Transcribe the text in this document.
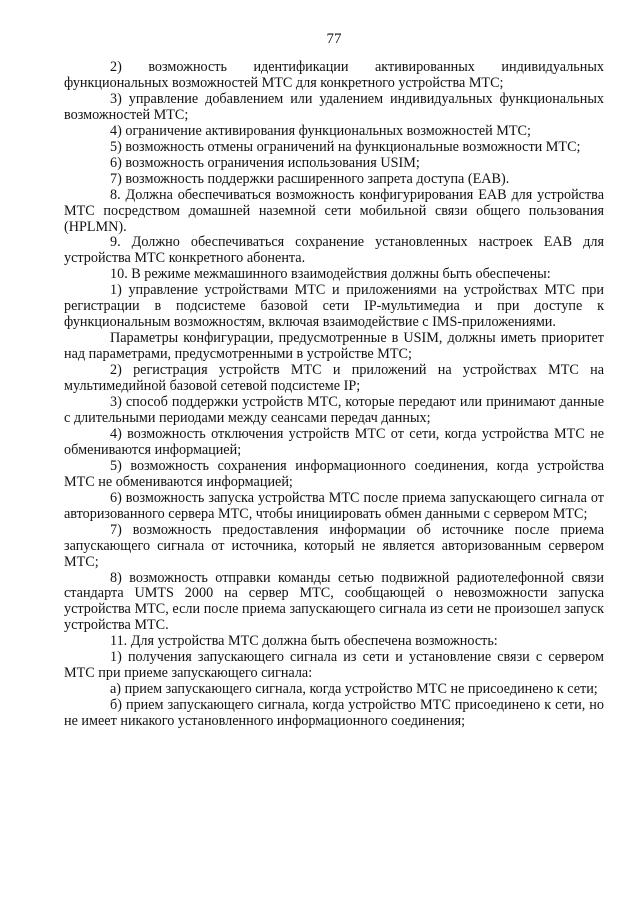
77

2) возможность идентификации активированных индивидуальных функциональных возможностей МТС для конкретного устройства МТС;

3) управление добавлением или удалением индивидуальных функциональных возможностей МТС;

4) ограничение активирования функциональных возможностей МТС;

5) возможность отмены ограничений на функциональные возможности МТС;

6) возможность ограничения использования USIM;

7) возможность поддержки расширенного запрета доступа (EAB).

8. Должна обеспечиваться возможность конфигурирования EAB для устройства МТС посредством домашней наземной сети мобильной связи общего пользования (HPLMN).

9. Должно обеспечиваться сохранение установленных настроек EAB для устройства МТС конкретного абонента.

10. В режиме межмашинного взаимодействия должны быть обеспечены:

1) управление устройствами МТС и приложениями на устройствах МТС при регистрации в подсистеме базовой сети IP-мультимедиа и при доступе к функциональным возможностям, включая взаимодействие с IMS-приложениями.

Параметры конфигурации, предусмотренные в USIM, должны иметь приоритет над параметрами, предусмотренными в устройстве МТС;

2) регистрация устройств МТС и приложений на устройствах МТС на мультимедийной базовой сетевой подсистеме IP;

3) способ поддержки устройств МТС, которые передают или принимают данные с длительными периодами между сеансами передач данных;

4) возможность отключения устройств МТС от сети, когда устройства МТС не обмениваются информацией;

5) возможность сохранения информационного соединения, когда устройства МТС не обмениваются информацией;

6) возможность запуска устройства МТС после приема запускающего сигнала от авторизованного сервера МТС, чтобы инициировать обмен данными с сервером МТС;

7) возможность предоставления информации об источнике после приема запускающего сигнала от источника, который не является авторизованным сервером МТС;

8) возможность отправки команды сетью подвижной радиотелефонной связи стандарта UMTS 2000 на сервер МТС, сообщающей о невозможности запуска устройства МТС, если после приема запускающего сигнала из сети не произошел запуск устройства МТС.

11. Для устройства МТС должна быть обеспечена возможность:

1) получения запускающего сигнала из сети и установление связи с сервером МТС при приеме запускающего сигнала:

а) прием запускающего сигнала, когда устройство МТС не присоединено к сети;

б) прием запускающего сигнала, когда устройство МТС присоединено к сети, но не имеет никакого установленного информационного соединения;
